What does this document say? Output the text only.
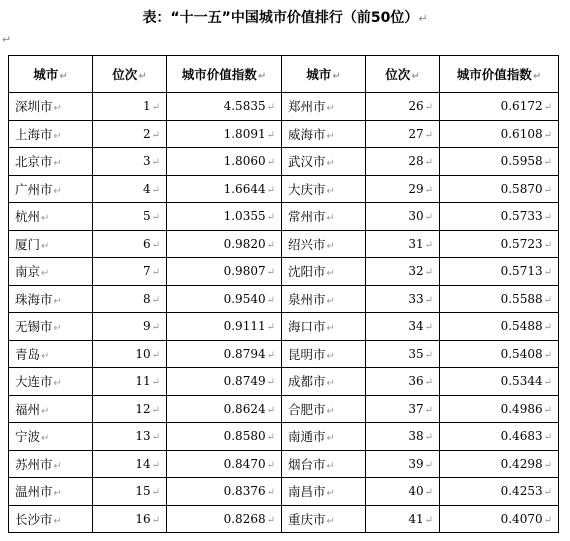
表：“十一五”中国城市价值排行（前50位）↵
↵
城市↵	位次↵	城市价值指数↵	城市↵	位次↵	城市价值指数↵
深圳市↵	1↵	4.5835↵	郑州市↵	26↵	0.6172↵
上海市↵	2↵	1.8091↵	威海市↵	27↵	0.6108↵
北京市↵	3↵	1.8060↵	武汉市↵	28↵	0.5958↵
广州市↵	4↵	1.6644↵	大庆市↵	29↵	0.5870↵
杭州↵	5↵	1.0355↵	常州市↵	30↵	0.5733↵
厦门↵	6↵	0.9820↵	绍兴市↵	31↵	0.5723↵
南京↵	7↵	0.9807↵	沈阳市↵	32↵	0.5713↵
珠海市↵	8↵	0.9540↵	泉州市↵	33↵	0.5588↵
无锡市↵	9↵	0.9111↵	海口市↵	34↵	0.5488↵
青岛↵	10↵	0.8794↵	昆明市↵	35↵	0.5408↵
大连市↵	11↵	0.8749↵	成都市↵	36↵	0.5344↵
福州↵	12↵	0.8624↵	合肥市↵	37↵	0.4986↵
宁波↵	13↵	0.8580↵	南通市↵	38↵	0.4683↵
苏州市↵	14↵	0.8470↵	烟台市↵	39↵	0.4298↵
温州市↵	15↵	0.8376↵	南昌市↵	40↵	0.4253↵
长沙市↵	16↵	0.8268↵	重庆市↵	41↵	0.4070↵
